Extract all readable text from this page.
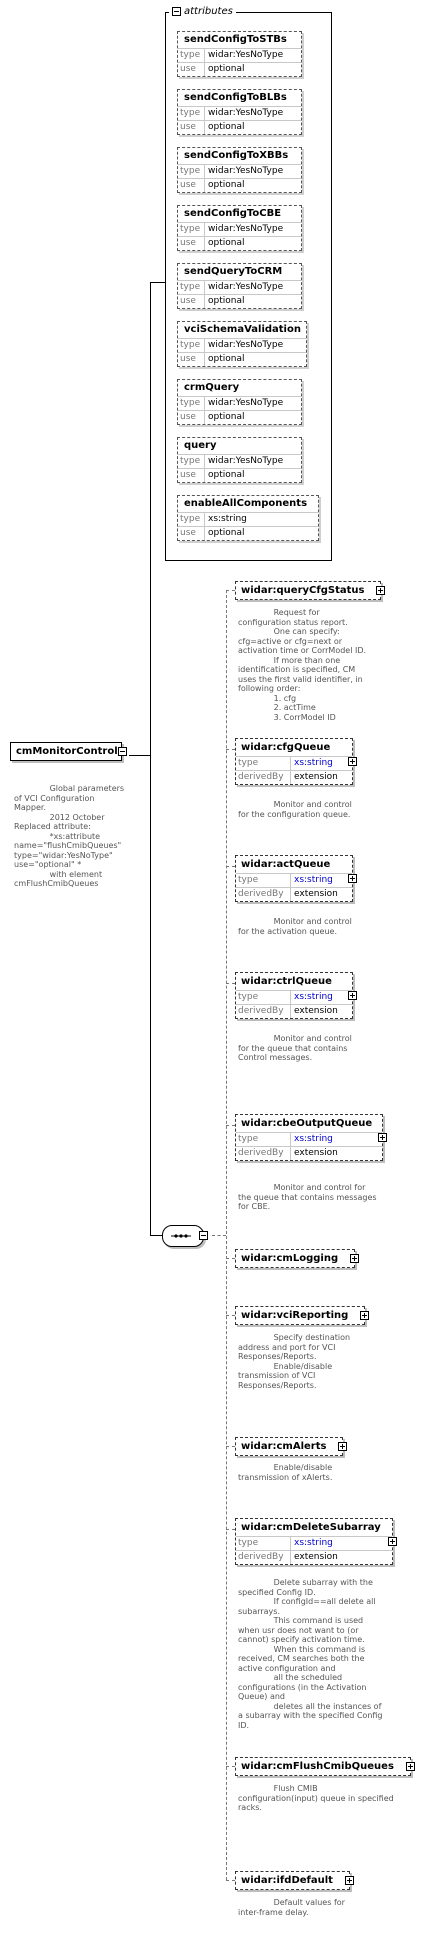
attributes
sendConfigToSTBs
type widar:YesNoType
use	optional
sendConfigToBLBs
type widar:YesNoType
use	optional
sendConfigToXBBs
type widar:YesNoType
use	optional
sendConfigToCBE
type widar:YesNoType
use	optional
sendQueryToCRM
type widar:YesNoType
use	optional
vciSchemaValidation
type widar:YesNoType
use	optional
crmQuery
type widar:YesNoType
use	optional
query
type widar:YesNoType
use	optional
enableAllComponents
type xs:string
use	optional
cmMonitorControl
Global parameters
of VCI Configuration
Mapper.
2012 October
Replaced attribute:
*xs:attribute
name="flushCmibQueues"
type="widar:YesNoType"
use="optional" *
with element
cmFlushCmibQueues
widar:queryCfgStatus
Request for
configuration status report.
One can specify:
cfg=active or cfg=next or
activation time or CorrModel ID.
If more than one
identification is specified, CM
uses the first valid identifier, in
following order:
1. cfg
2. actTime
3. CorrModel ID
widar:cfgQueue
type	xs:string
derivedBy	extension
Monitor and control
for the configuration queue.
widar:actQueue
type	xs:string
derivedBy	extension
Monitor and control
for the activation queue.
widar:ctrlQueue
type	xs:string
derivedBy	extension
Monitor and control
for the queue that contains
Control messages.
widar:cbeOutputQueue
type	xs:string
derivedBy	extension
Monitor and control for
the queue that contains messages
for CBE.
widar:cmLogging
widar:vciReporting
Specify destination
address and port for VCI
Responses/Reports.
Enable/disable
transmission of VCI
Responses/Reports.
widar:cmAlerts
Enable/disable
transmission of xAlerts.
widar:cmDeleteSubarray
type	xs:string
derivedBy	extension
Delete subarray with the
specified Config ID.
If configId==all delete all
subarrays.
This command is used
when usr does not want to (or
cannot) specify activation time.
When this command is
received, CM searches both the
active configuration and
all the scheduled
configurations (in the Activation
Queue) and
deletes all the instances of
a subarray with the specified Config
ID.
widar:cmFlushCmibQueues
Flush CMIB
configuration(input) queue in specified
racks.
widar:ifdDefault
Default values for
inter-frame delay.
